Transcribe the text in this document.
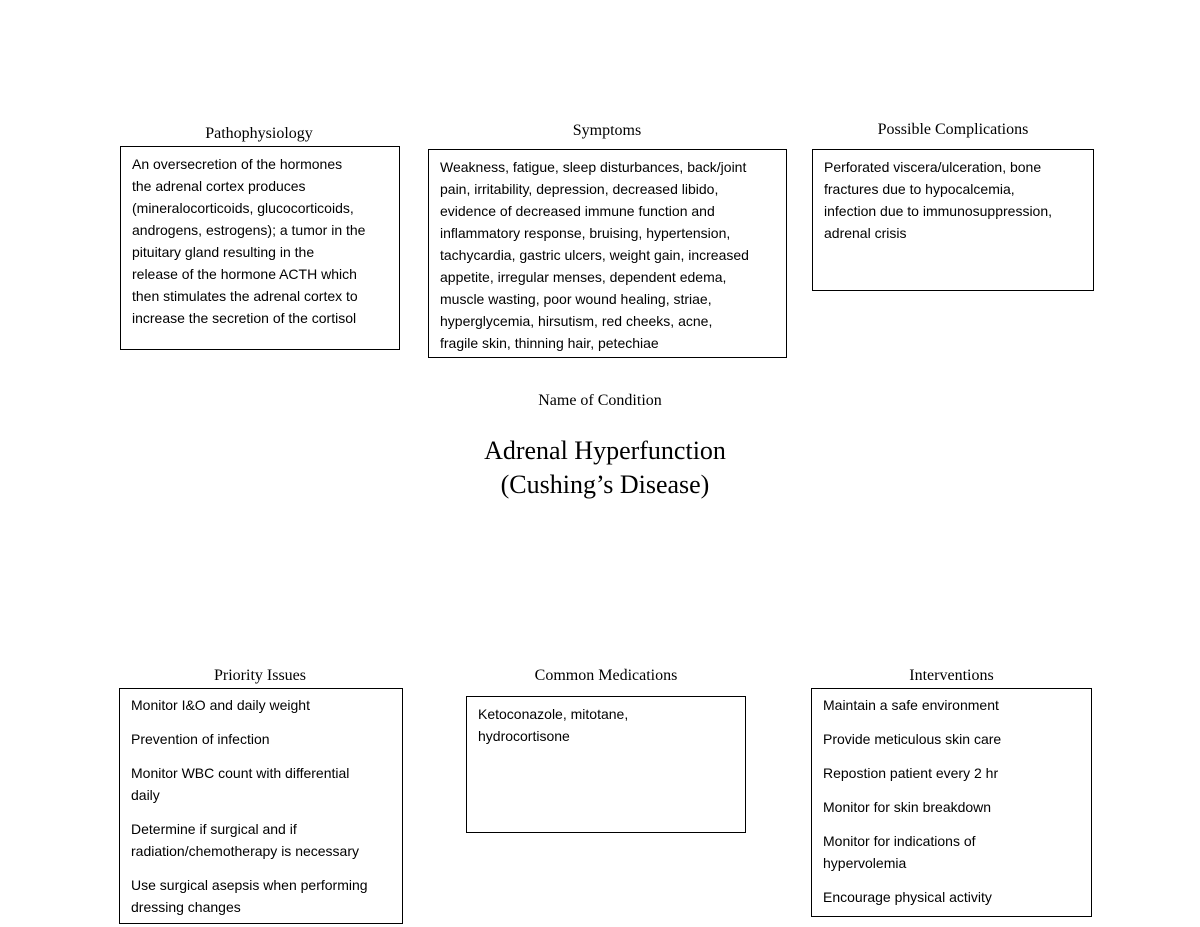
Pathophysiology
An oversecretion of the hormones
the adrenal cortex produces
(mineralocorticoids, glucocorticoids,
androgens, estrogens); a tumor in the
pituitary gland resulting in the
release of the hormone ACTH which
then stimulates the adrenal cortex to
increase the secretion of the cortisol
Symptoms
Weakness, fatigue, sleep disturbances, back/joint
pain, irritability, depression, decreased libido,
evidence of decreased immune function and
inflammatory response, bruising, hypertension,
tachycardia, gastric ulcers, weight gain, increased
appetite, irregular menses, dependent edema,
muscle wasting, poor wound healing, striae,
hyperglycemia, hirsutism, red cheeks, acne,
fragile skin, thinning hair, petechiae
Possible Complications
Perforated viscera/ulceration, bone
fractures due to hypocalcemia,
infection due to immunosuppression,
adrenal crisis
Name of Condition
Adrenal Hyperfunction
(Cushing’s Disease)
Priority Issues
Monitor I&O and daily weight
Prevention of infection
Monitor WBC count with differential
daily
Determine if surgical and if
radiation/chemotherapy is necessary
Use surgical asepsis when performing
dressing changes
Common Medications
Ketoconazole, mitotane,
hydrocortisone
Interventions
Maintain a safe environment
Provide meticulous skin care
Repostion patient every 2 hr
Monitor for skin breakdown
Monitor for indications of
hypervolemia
Encourage physical activity
